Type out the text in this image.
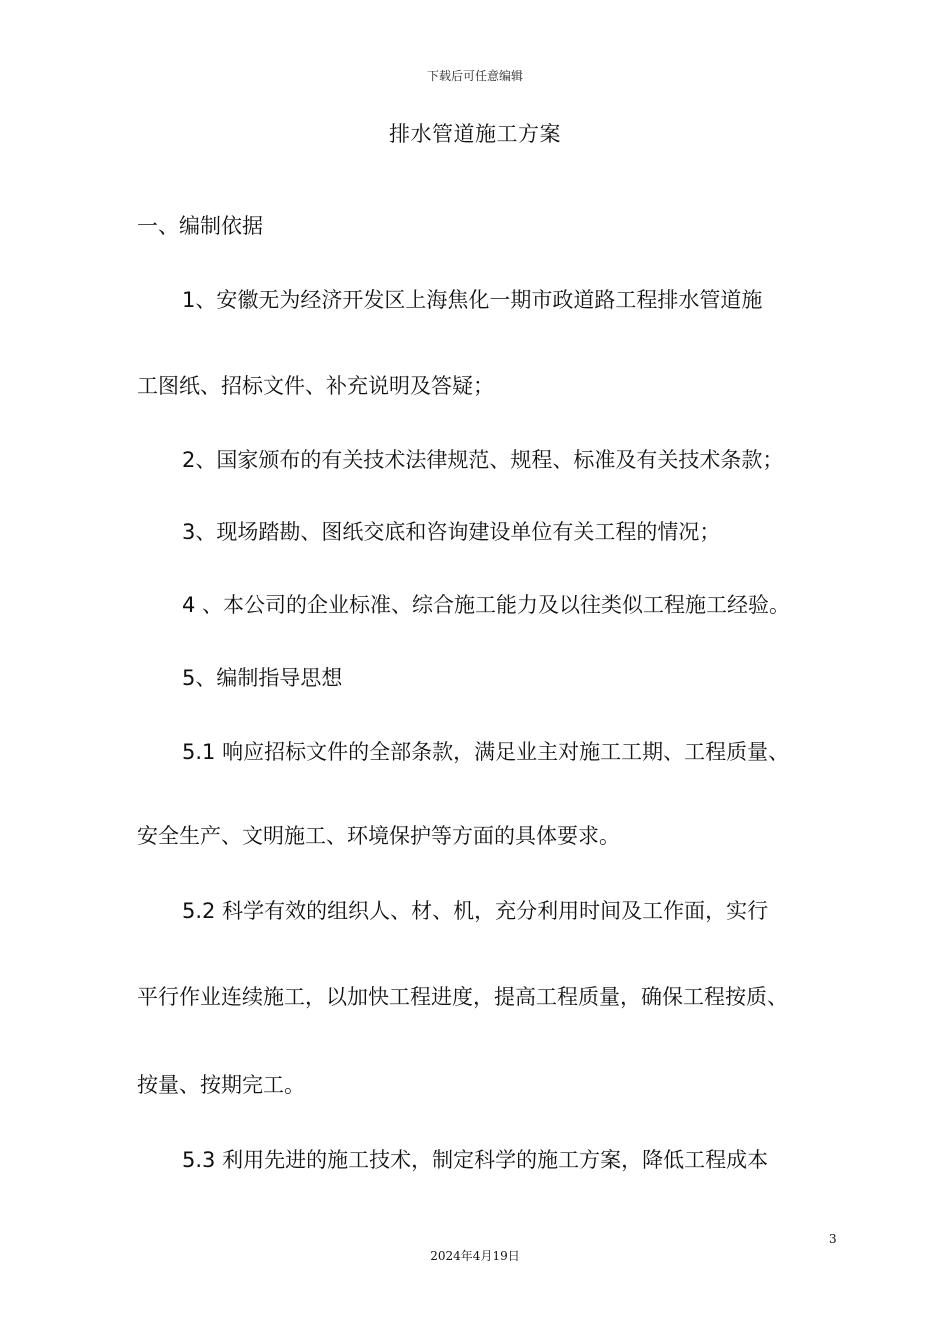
下载后可任意编辑
排水管道施工方案
一、编制依据
1、安徽无为经济开发区上海焦化一期市政道路工程排水管道施
工图纸、招标文件、补充说明及答疑；
2、国家颁布的有关技术法律规范、规程、标准及有关技术条款；
3、现场踏勘、图纸交底和咨询建设单位有关工程的情况；
4 、本公司的企业标准、综合施工能力及以往类似工程施工经验。
5、编制指导思想
5.1 响应招标文件的全部条款，满足业主对施工工期、工程质量、
安全生产、文明施工、环境保护等方面的具体要求。
5.2 科学有效的组织人、材、机，充分利用时间及工作面，实行
平行作业连续施工，以加快工程进度，提高工程质量，确保工程按质、
按量、按期完工。
5.3 利用先进的施工技术，制定科学的施工方案，降低工程成本
3
2024年4月19日
